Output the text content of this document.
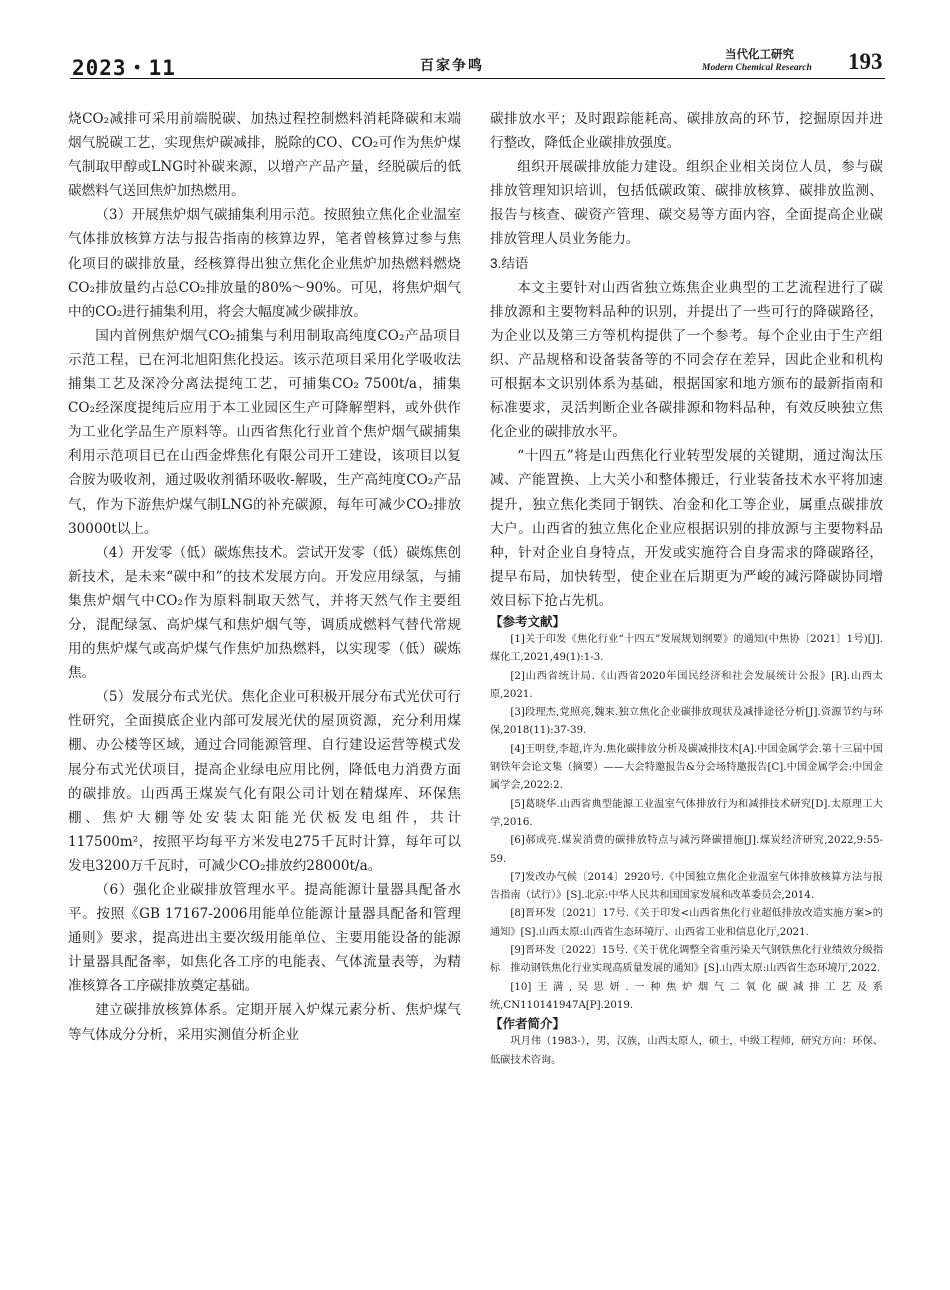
2023・11	百家争鸣
当代化工研究
Modern Chemical Research 193

烧CO₂减排可采用前端脱碳、加热过程控制燃料消耗降碳和末端烟气脱碳工艺，实现焦炉碳减排，脱除的CO、CO₂可作为焦炉煤气制取甲醇或LNG时补碳来源，以增产产品产量，经脱碳后的低碳燃料气送回焦炉加热燃用。

（3）开展焦炉烟气碳捕集利用示范。按照独立焦化企业温室气体排放核算方法与报告指南的核算边界，笔者曾核算过参与焦化项目的碳排放量，经核算得出独立焦化企业焦炉加热燃料燃烧CO₂排放量约占总CO₂排放量的80%～90%。可见，将焦炉烟气中的CO₂进行捕集利用，将会大幅度减少碳排放。

国内首例焦炉烟气CO₂捕集与利用制取高纯度CO₂产品项目示范工程，已在河北旭阳焦化投运。该示范项目采用化学吸收法捕集工艺及深冷分离法提纯工艺，可捕集CO₂ 7500t/a，捕集CO₂经深度提纯后应用于本工业园区生产可降解塑料，或外供作为工业化学品生产原料等。山西省焦化行业首个焦炉烟气碳捕集利用示范项目已在山西金烨焦化有限公司开工建设，该项目以复合胺为吸收剂，通过吸收剂循环吸收-解吸，生产高纯度CO₂产品气，作为下游焦炉煤气制LNG的补充碳源，每年可减少CO₂排放30000t以上。

（4）开发零（低）碳炼焦技术。尝试开发零（低）碳炼焦创新技术，是未来“碳中和”的技术发展方向。开发应用绿氢，与捕集焦炉烟气中CO₂作为原料制取天然气，并将天然气作主要组分，混配绿氢、高炉煤气和焦炉烟气等，调质成燃料气替代常规用的焦炉煤气或高炉煤气作焦炉加热燃料，以实现零（低）碳炼焦。

（5）发展分布式光伏。焦化企业可积极开展分布式光伏可行性研究，全面摸底企业内部可发展光伏的屋顶资源，充分利用煤棚、办公楼等区域，通过合同能源管理、自行建设运营等模式发展分布式光伏项目，提高企业绿电应用比例，降低电力消费方面的碳排放。山西禹王煤炭气化有限公司计划在精煤库、环保焦棚、焦炉大棚等处安装太阳能光伏板发电组件，共计117500m²，按照平均每平方米发电275千瓦时计算，每年可以发电3200万千瓦时，可减少CO₂排放约28000t/a。

（6）强化企业碳排放管理水平。提高能源计量器具配备水平。按照《GB 17167-2006用能单位能源计量器具配备和管理通则》要求，提高进出主要次级用能单位、主要用能设备的能源计量器具配备率，如焦化各工序的电能表、气体流量表等，为精准核算各工序碳排放奠定基础。

建立碳排放核算体系。定期开展入炉煤元素分析、焦炉煤气等气体成分分析，采用实测值分析企业

碳排放水平；及时跟踪能耗高、碳排放高的环节，挖掘原因并进行整改，降低企业碳排放强度。

组织开展碳排放能力建设。组织企业相关岗位人员，参与碳排放管理知识培训，包括低碳政策、碳排放核算、碳排放监测、报告与核查、碳资产管理、碳交易等方面内容，全面提高企业碳排放管理人员业务能力。

3.结语

本文主要针对山西省独立炼焦企业典型的工艺流程进行了碳排放源和主要物料品种的识别，并提出了一些可行的降碳路径，为企业以及第三方等机构提供了一个参考。每个企业由于生产组织、产品规格和设备装备等的不同会存在差异，因此企业和机构可根据本文识别体系为基础，根据国家和地方颁布的最新指南和标准要求，灵活判断企业各碳排源和物料品种，有效反映独立焦化企业的碳排放水平。

“十四五”将是山西焦化行业转型发展的关键期，通过淘汰压减、产能置换、上大关小和整体搬迁，行业装备技术水平将加速提升，独立焦化类同于钢铁、冶金和化工等企业，属重点碳排放大户。山西省的独立焦化企业应根据识别的排放源与主要物料品种，针对企业自身特点，开发或实施符合自身需求的降碳路径，提早布局，加快转型，使企业在后期更为严峻的减污降碳协同增效目标下抢占先机。

【参考文献】

[1]关于印发《焦化行业“十四五”发展规划纲要》的通知(中焦协〔2021〕1号)[J].煤化工,2021,49(1):1-3.

[2]山西省统计局.《山西省2020年国民经济和社会发展统计公报》[R].山西太原,2021.

[3]段理杰,党照亮,魏来.独立焦化企业碳排放现状及减排途径分析[J].资源节约与环保,2018(11):37-39.

[4]王明登,李超,许为.焦化碳排放分析及碳减排技术[A].中国金属学会.第十三届中国钢铁年会论文集（摘要）——大会特邀报告&分会场特邀报告[C].中国金属学会:中国金属学会,2022:2.

[5]葛晓华.山西省典型能源工业温室气体排放行为和减排技术研究[D].太原理工大学,2016.

[6]郝成亮.煤炭消费的碳排放特点与减污降碳措施[J].煤炭经济研究,2022,9:55-59.

[7]发改办气候〔2014〕2920号.《中国独立焦化企业温室气体排放核算方法与报告指南（试行）》[S].北京:中华人民共和国国家发展和改革委员会,2014.

[8]晋环发〔2021〕17号.《关于印发<山西省焦化行业超低排放改造实施方案>的通知》[S].山西太原:山西省生态环境厅、山西省工业和信息化厅,2021.

[9]晋环发〔2022〕15号.《关于优化调整全省重污染天气钢铁焦化行业绩效分级指标　推动钢铁焦化行业实现高质量发展的通知》[S].山西太原:山西省生态环境厅,2022.

[10]王满,吴思妍.一种焦炉烟气二氧化碳减排工艺及系统,CN110141947A[P].2019.

【作者简介】

巩月伟（1983-），男，汉族，山西太原人，硕士，中级工程师，研究方向：环保、低碳技术咨询。
